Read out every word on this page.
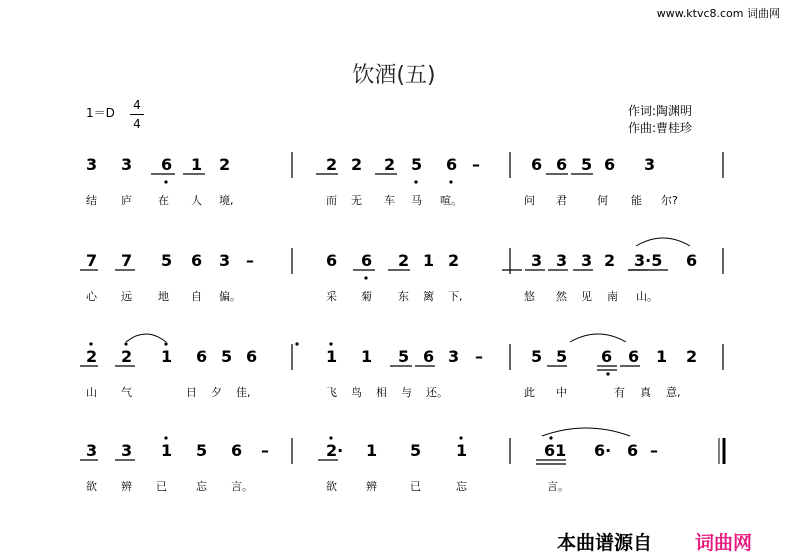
www.ktvc8.com 词曲网
饮酒(五)
1＝D
4
4
作词:陶渊明
作曲:曹桂珍
3 3 6 1 2	2 2 2 5 6 –	6 6 5 6 3
结 庐 在 人 境,	而 无 车 马 喧。	问 君	何 能 尔?
7 7 5 6 3 –	6 6 2 1 2	3 3 3 2 3·5 6
心 远 地 自 偏。	采 菊 东 篱 下,	悠 然 见 南 山。
2 2 1 6 5 6	1 1 5 6 3 –	5 5 6 6 1 2
山 气	日 夕 佳,	飞 鸟 相 与 还。	此 中	有 真 意,
3 3 1 5 6 –	2· 1 5 1	61 6· 6 –
欲 辨 已	忘 言。	欲	辨	已	忘	言。
本曲谱源自 词曲网
